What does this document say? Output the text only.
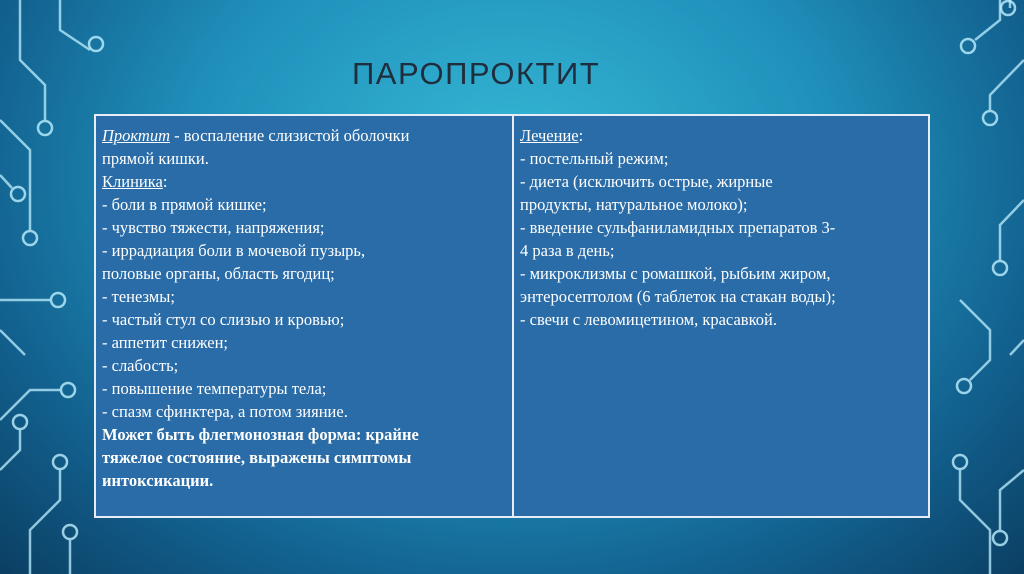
ПАРОПРОКТИТ
Проктит - воспаление слизистой оболочки
прямой кишки.
Клиника:
- боли в прямой кишке;
- чувство тяжести, напряжения;
- иррадиация боли в мочевой пузырь,
половые органы, область ягодиц;
- тенезмы;
- частый стул со слизью и кровью;
- аппетит снижен;
- слабость;
- повышение температуры тела;
- спазм сфинктера, а потом зияние.
Может быть флегмонозная форма: крайне
тяжелое состояние, выражены симптомы
интоксикации.
Лечение:
- постельный режим;
- диета (исключить острые, жирные
продукты, натуральное молоко);
- введение сульфаниламидных препаратов 3-
4 раза в день;
- микроклизмы с ромашкой, рыбьим жиром,
энтеросептолом (6 таблеток на стакан воды);
- свечи с левомицетином, красавкой.
